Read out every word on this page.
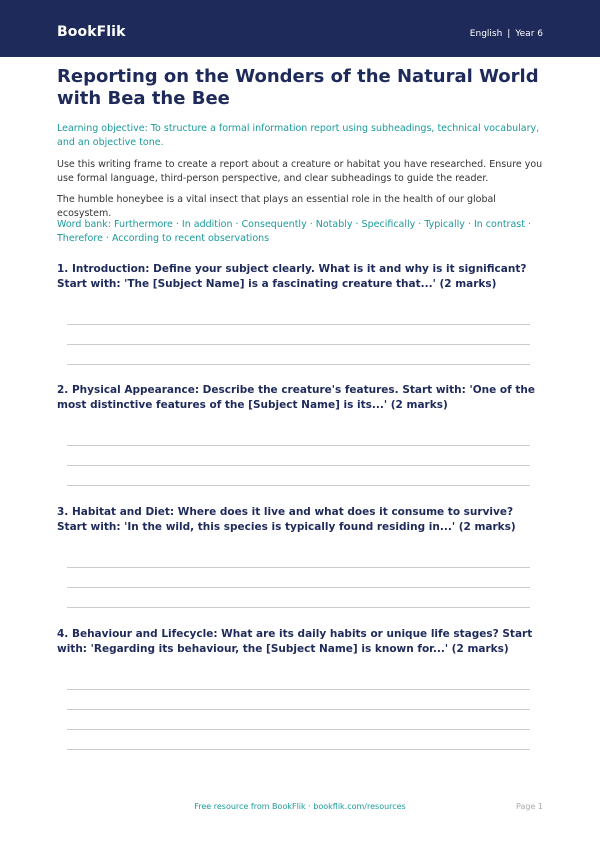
BookFlik	English | Year 6
Reporting on the Wonders of the Natural World with Bea the Bee

Learning objective: To structure a formal information report using subheadings, technical vocabulary, and an objective tone.

Use this writing frame to create a report about a creature or habitat you have researched. Ensure you use formal language, third-person perspective, and clear subheadings to guide the reader.

The humble honeybee is a vital insect that plays an essential role in the health of our global ecosystem.

Word bank: Furthermore · In addition · Consequently · Notably · Specifically · Typically · In contrast · Therefore · According to recent observations

1. Introduction: Define your subject clearly. What is it and why is it significant? Start with: 'The [Subject Name] is a fascinating creature that...' (2 marks)

2. Physical Appearance: Describe the creature's features. Start with: 'One of the most distinctive features of the [Subject Name] is its...' (2 marks)

3. Habitat and Diet: Where does it live and what does it consume to survive? Start with: 'In the wild, this species is typically found residing in...' (2 marks)

4. Behaviour and Lifecycle: What are its daily habits or unique life stages? Start with: 'Regarding its behaviour, the [Subject Name] is known for...' (2 marks)

Free resource from BookFlik · bookflik.com/resources	Page 1
